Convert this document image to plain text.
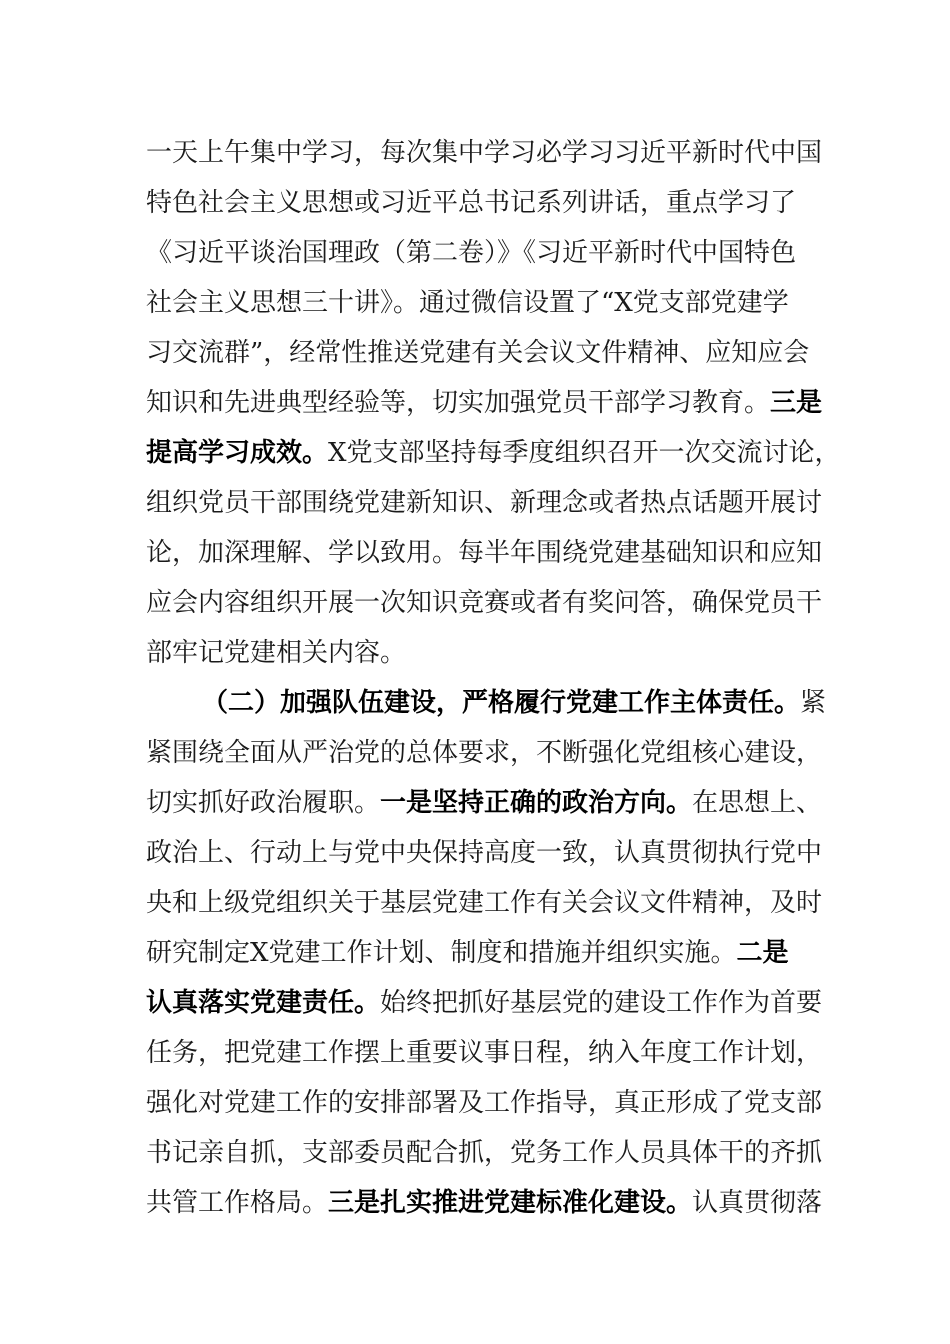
一天上午集中学习，每次集中学习必学习习近平新时代中国
特色社会主义思想或习近平总书记系列讲话，重点学习了
《习近平谈治国理政（第二卷）》《习近平新时代中国特色
社会主义思想三十讲》。通过微信设置了“X党支部党建学
习交流群”，经常性推送党建有关会议文件精神、应知应会
知识和先进典型经验等，切实加强党员干部学习教育。三是
提高学习成效。X党支部坚持每季度组织召开一次交流讨论，
组织党员干部围绕党建新知识、新理念或者热点话题开展讨
论，加深理解、学以致用。每半年围绕党建基础知识和应知
应会内容组织开展一次知识竞赛或者有奖问答，确保党员干
部牢记党建相关内容。
（二）加强队伍建设，严格履行党建工作主体责任。紧
紧围绕全面从严治党的总体要求，不断强化党组核心建设，
切实抓好政治履职。一是坚持正确的政治方向。在思想上、
政治上、行动上与党中央保持高度一致，认真贯彻执行党中
央和上级党组织关于基层党建工作有关会议文件精神，及时
研究制定X党建工作计划、制度和措施并组织实施。二是
认真落实党建责任。始终把抓好基层党的建设工作作为首要
任务，把党建工作摆上重要议事日程，纳入年度工作计划，
强化对党建工作的安排部署及工作指导，真正形成了党支部
书记亲自抓，支部委员配合抓，党务工作人员具体干的齐抓
共管工作格局。三是扎实推进党建标准化建设。认真贯彻落
